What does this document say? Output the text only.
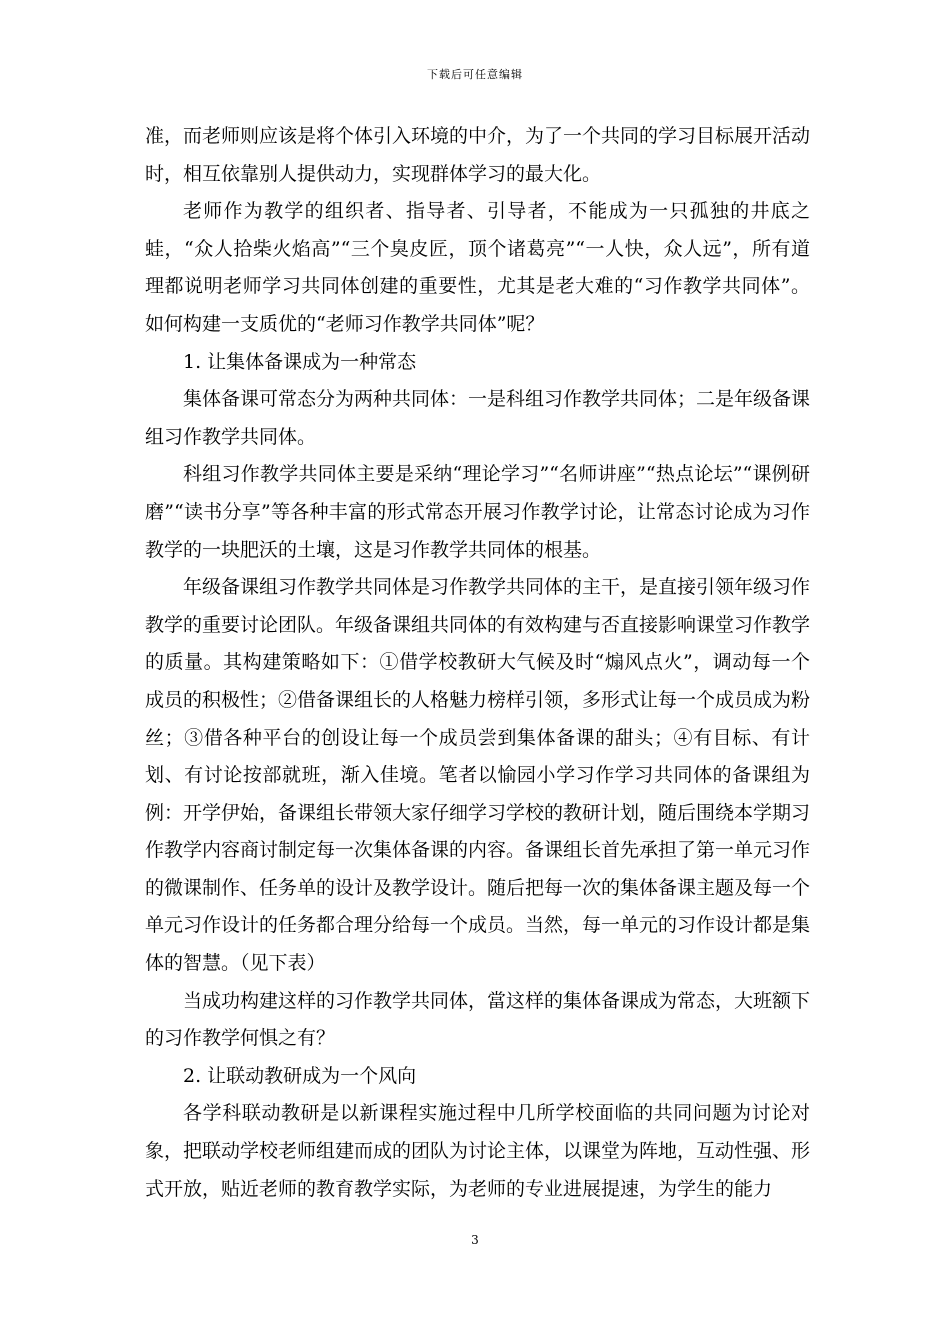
下载后可任意编辑

准，而老师则应该是将个体引入环境的中介，为了一个共同的学习目标展开活动时，相互依靠别人提供动力，实现群体学习的最大化。

老师作为教学的组织者、指导者、引导者，不能成为一只孤独的井底之蛙，“众人拾柴火焰高”“三个臭皮匠，顶个诸葛亮”“一人快，众人远”，所有道理都说明老师学习共同体创建的重要性，尤其是老大难的“习作教学共同体”。如何构建一支质优的“老师习作教学共同体”呢？

1. 让集体备课成为一种常态

集体备课可常态分为两种共同体：一是科组习作教学共同体；二是年级备课组习作教学共同体。

科组习作教学共同体主要是采纳“理论学习”“名师讲座”“热点论坛”“课例研磨”“读书分享”等各种丰富的形式常态开展习作教学讨论，让常态讨论成为习作教学的一块肥沃的土壤，这是习作教学共同体的根基。

年级备课组习作教学共同体是习作教学共同体的主干，是直接引领年级习作教学的重要讨论团队。年级备课组共同体的有效构建与否直接影响课堂习作教学的质量。其构建策略如下：①借学校教研大气候及时“煽风点火”，调动每一个成员的积极性；②借备课组长的人格魅力榜样引领，多形式让每一个成员成为粉丝；③借各种平台的创设让每一个成员尝到集体备课的甜头；④有目标、有计划、有讨论按部就班，渐入佳境。笔者以愉园小学习作学习共同体的备课组为例：开学伊始，备课组长带领大家仔细学习学校的教研计划，随后围绕本学期习作教学内容商讨制定每一次集体备课的内容。备课组长首先承担了第一单元习作的微课制作、任务单的设计及教学设计。随后把每一次的集体备课主题及每一个单元习作设计的任务都合理分给每一个成员。当然，每一单元的习作设计都是集体的智慧。（见下表）

当成功构建这样的习作教学共同体，當这样的集体备课成为常态，大班额下的习作教学何惧之有？

2. 让联动教研成为一个风向

各学科联动教研是以新课程实施过程中几所学校面临的共同问题为讨论对象，把联动学校老师组建而成的团队为讨论主体，以课堂为阵地，互动性强、形式开放，贴近老师的教育教学实际，为老师的专业进展提速，为学生的能力

3
